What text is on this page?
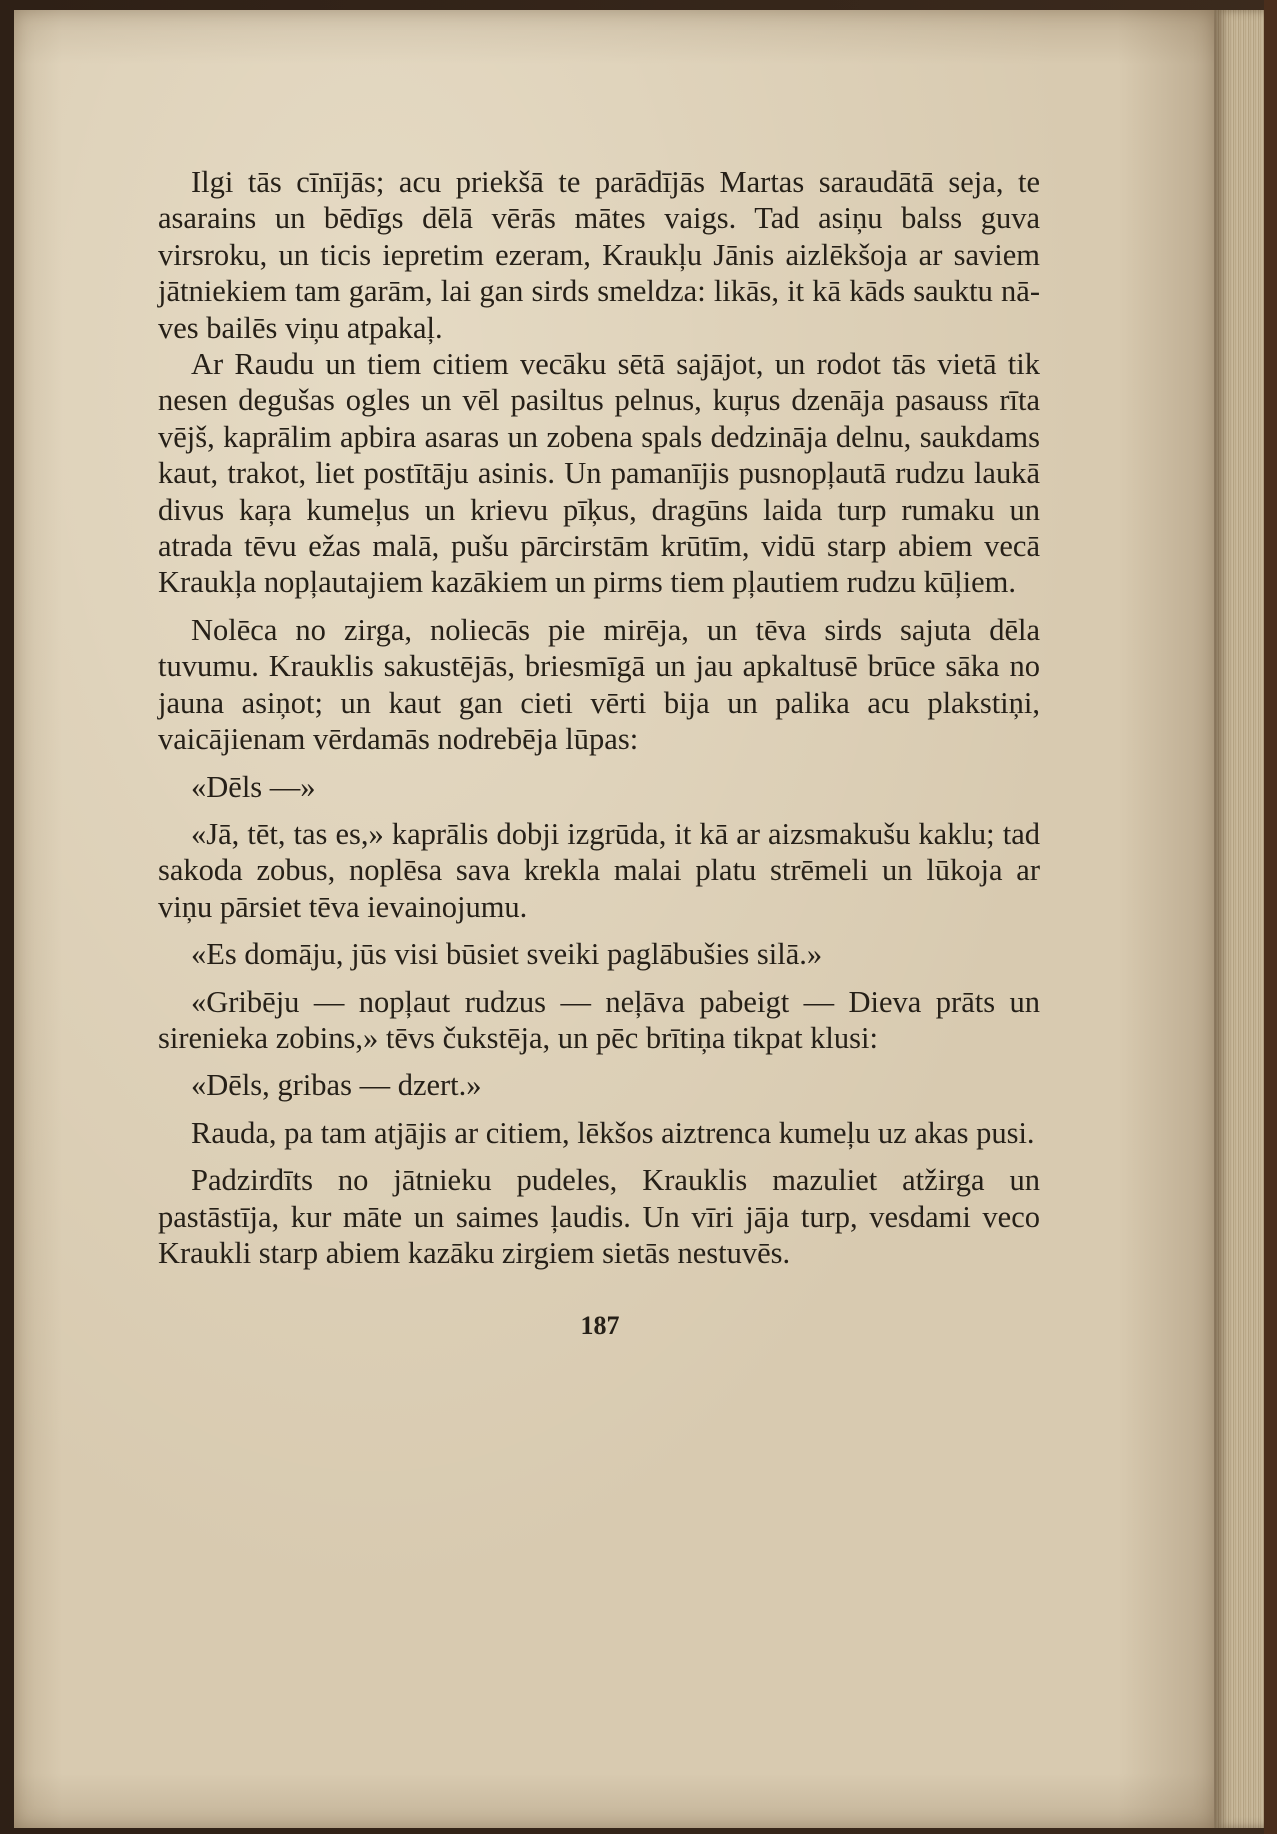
Ilgi tās cīnījās; acu priekšā te parādījās Martas saraudātā seja, te asarains un bēdīgs dēlā vērās mātes vaigs. Tad asiņu balss guva virsroku, un ticis iepretim ezeram, Kraukļu Jānis aizlēkšoja ar saviem jātniekiem tam garām, lai gan sirds smeldza: likās, it kā kāds sauktu nāves bailēs viņu atpakaļ.

Ar Raudu un tiem citiem vecāku sētā sajājot, un rodot tās vietā tik nesen degušas ogles un vēl pasiltus pelnus, kuŗus dzenāja pasauss rīta vējš, kaprālim apbira asaras un zobena spals dedzināja delnu, saukdams kaut, trakot, liet postītāju asinis. Un pamanījis pusnopļautā rudzu laukā divus kaŗa kumeļus un krievu pīķus, dragūns laida turp rumaku un atrada tēvu ežas malā, pušu pārcirstām krūtīm, vidū starp abiem vecā Kraukļa nopļautajiem kazākiem un pirms tiem pļautiem rudzu kūļiem.

Nolēca no zirga, noliecās pie mirēja, un tēva sirds sajuta dēla tuvumu. Krauklis sakustējās, briesmīgā un jau apkaltusē brūce sāka no jauna asiņot; un kaut gan cieti vērti bija un palika acu plakstiņi, vaicājienam vērdamās nodrebēja lūpas:

«Dēls —»

«Jā, tēt, tas es,» kaprālis dobji izgrūda, it kā ar aizsmakušu kaklu; tad sakoda zobus, noplēsa sava krekla malai platu strēmeli un lūkoja ar viņu pārsiet tēva ievainojumu.

«Es domāju, jūs visi būsiet sveiki paglābušies silā.»

«Gribēju — nopļaut rudzus — neļāva pabeigt — Dieva prāts un sirenieka zobins,» tēvs čukstēja, un pēc brītiņa tikpat klusi:

«Dēls, gribas — dzert.»

Rauda, pa tam atjājis ar citiem, lēkšos aiztrenca kumeļu uz akas pusi.

Padzirdīts no jātnieku pudeles, Krauklis mazuliet atžirga un pastāstīja, kur māte un saimes ļaudis. Un vīri jāja turp, vesdami veco Kraukli starp abiem kazāku zirgiem sietās nestuvēs.

187
